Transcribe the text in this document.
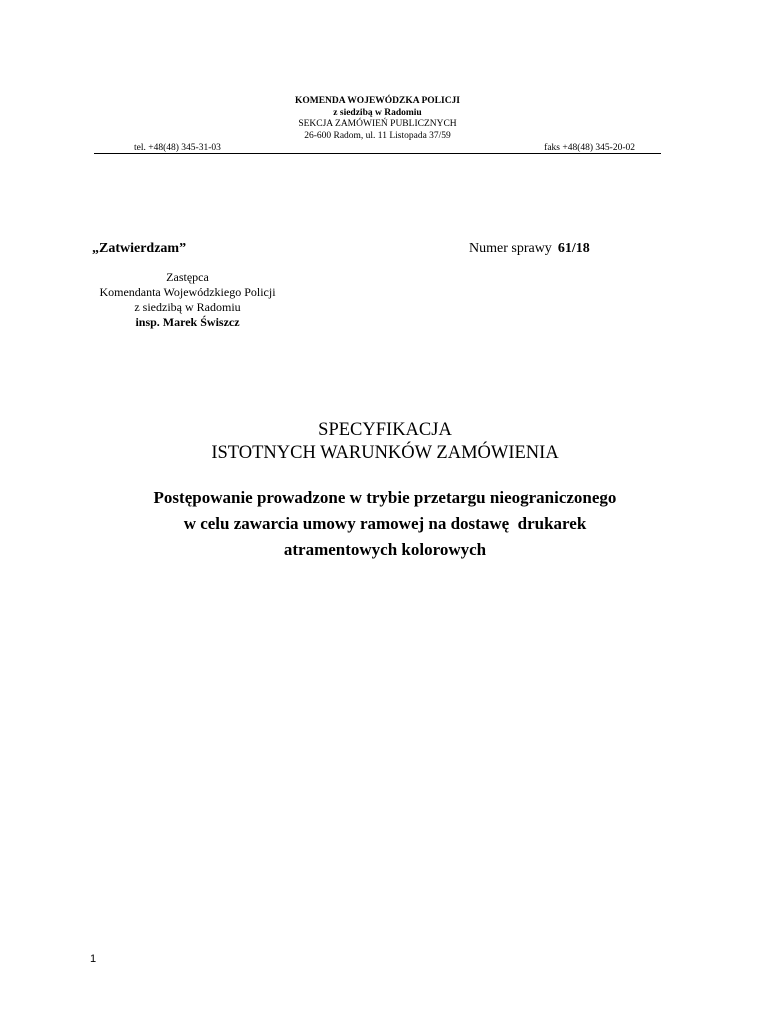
KOMENDA WOJEWÓDZKA POLICJI
z siedzibą w Radomiu
SEKCJA ZAMÓWIEŃ PUBLICZNYCH
26-600 Radom, ul. 11 Listopada 37/59
tel. +48(48) 345-31-03	faks +48(48) 345-20-02
„Zatwierdzam”	Numer sprawy 61/18
Zastępca
Komendanta Wojewódzkiego Policji
z siedzibą w Radomiu
insp. Marek Świszcz
SPECYFIKACJA
ISTOTNYCH WARUNKÓW ZAMÓWIENIA
Postępowanie prowadzone w trybie przetargu nieograniczonego
w celu zawarcia umowy ramowej na dostawę  drukarek
atramentowych kolorowych
1
